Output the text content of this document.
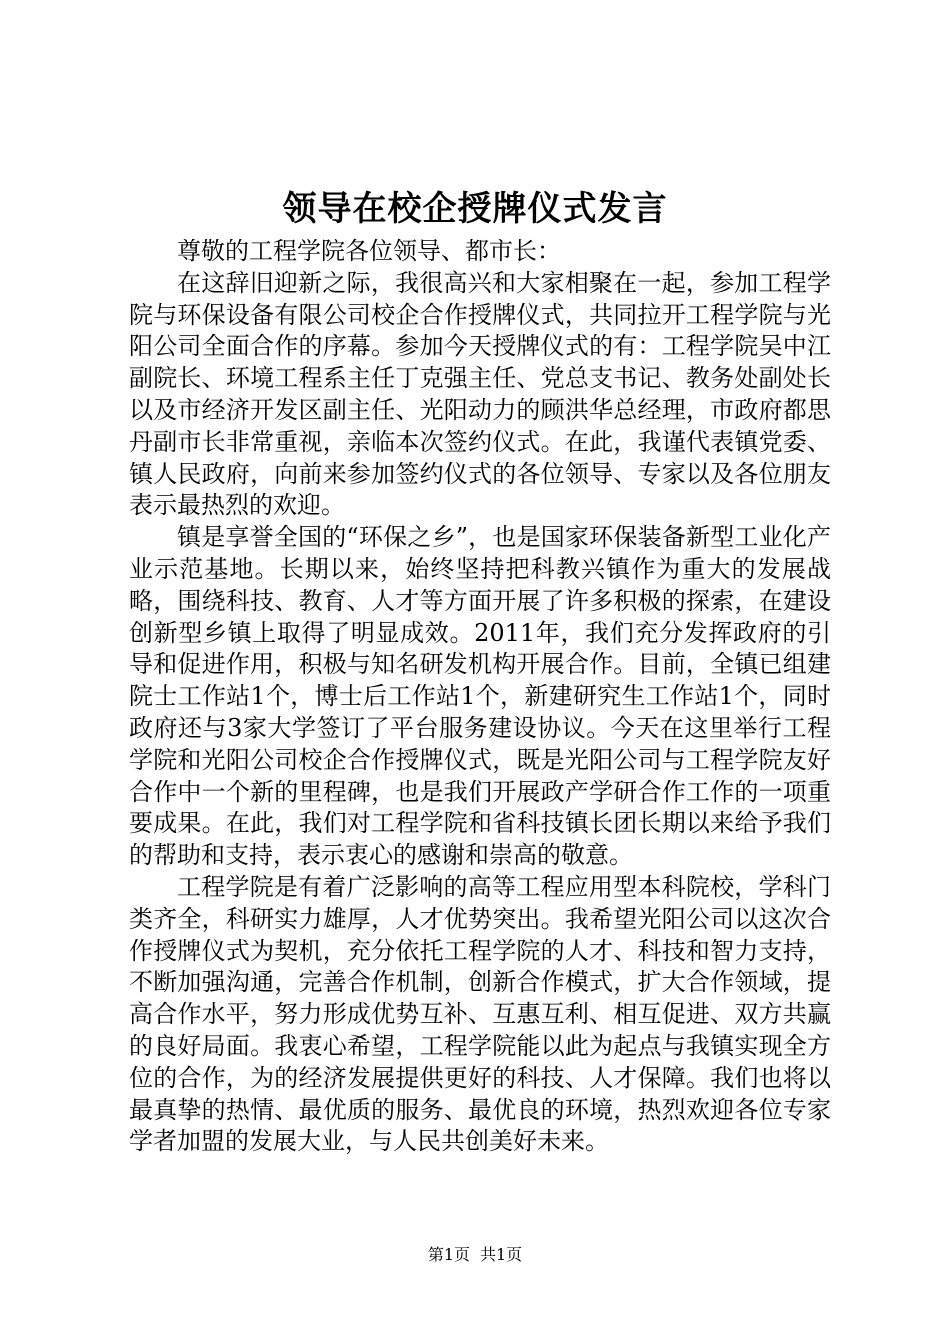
领导在校企授牌仪式发言

尊敬的工程学院各位领导、都市长：

在这辞旧迎新之际，我很高兴和大家相聚在一起，参加工程学院与环保设备有限公司校企合作授牌仪式，共同拉开工程学院与光阳公司全面合作的序幕。参加今天授牌仪式的有：工程学院吴中江副院长、环境工程系主任丁克强主任、党总支书记、教务处副处长以及市经济开发区副主任、光阳动力的顾洪华总经理，市政府都思丹副市长非常重视，亲临本次签约仪式。在此，我谨代表镇党委、镇人民政府，向前来参加签约仪式的各位领导、专家以及各位朋友表示最热烈的欢迎。

镇是享誉全国的“环保之乡”，也是国家环保装备新型工业化产业示范基地。长期以来，始终坚持把科教兴镇作为重大的发展战略，围绕科技、教育、人才等方面开展了许多积极的探索，在建设创新型乡镇上取得了明显成效。2011年，我们充分发挥政府的引导和促进作用，积极与知名研发机构开展合作。目前，全镇已组建院士工作站1个，博士后工作站1个，新建研究生工作站1个，同时政府还与3家大学签订了平台服务建设协议。今天在这里举行工程学院和光阳公司校企合作授牌仪式，既是光阳公司与工程学院友好合作中一个新的里程碑，也是我们开展政产学研合作工作的一项重要成果。在此，我们对工程学院和省科技镇长团长期以来给予我们的帮助和支持，表示衷心的感谢和崇高的敬意。

工程学院是有着广泛影响的高等工程应用型本科院校，学科门类齐全，科研实力雄厚，人才优势突出。我希望光阳公司以这次合作授牌仪式为契机，充分依托工程学院的人才、科技和智力支持，不断加强沟通，完善合作机制，创新合作模式，扩大合作领域，提高合作水平，努力形成优势互补、互惠互利、相互促进、双方共赢的良好局面。我衷心希望，工程学院能以此为起点与我镇实现全方位的合作，为的经济发展提供更好的科技、人才保障。我们也将以最真挚的热情、最优质的服务、最优良的环境，热烈欢迎各位专家学者加盟的发展大业，与人民共创美好未来。

第1页 共1页
